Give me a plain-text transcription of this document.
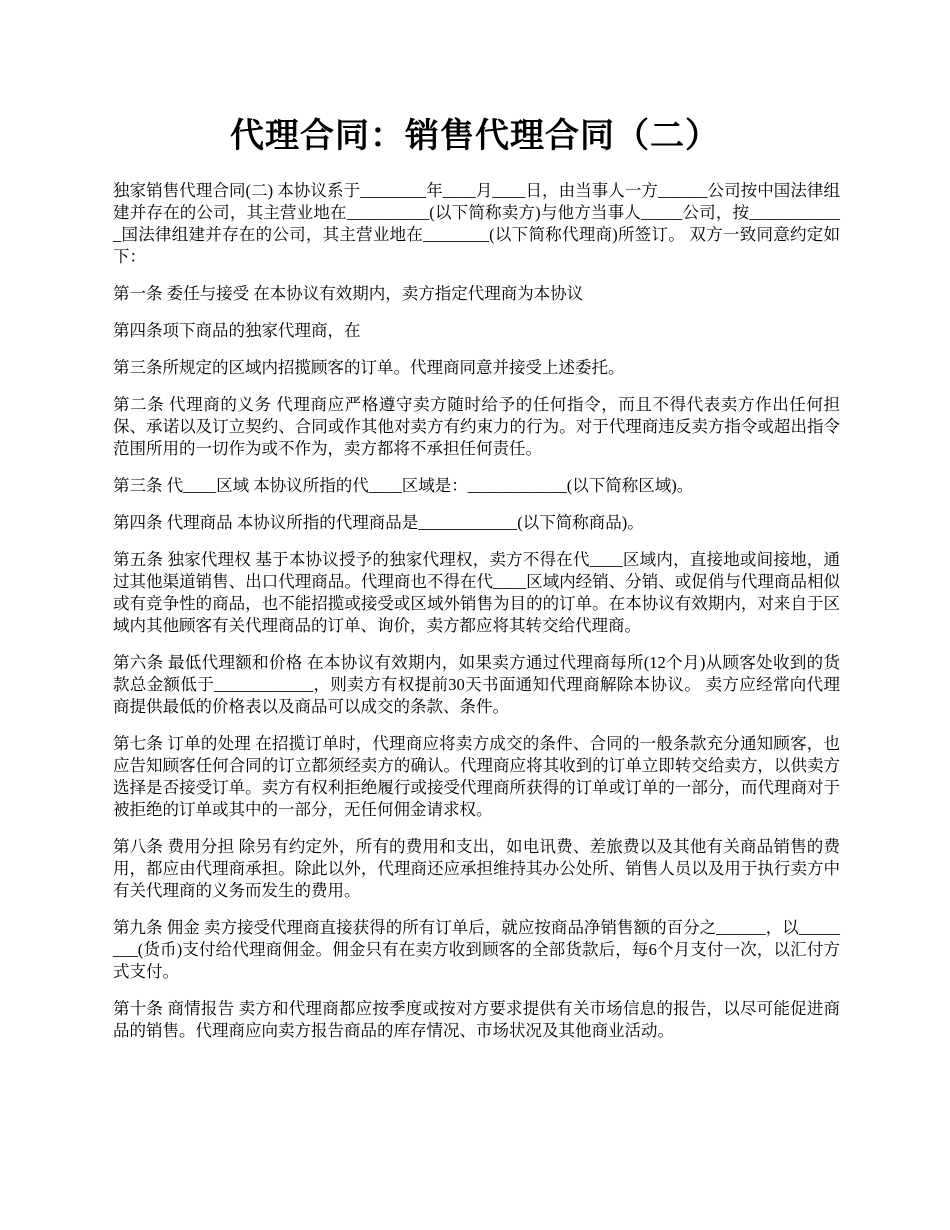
代理合同：销售代理合同（二）

独家销售代理合同(二) 本协议系于________年____月____日，由当事人一方______公司按中国法律组建并存在的公司，其主营业地在__________(以下简称卖方)与他方当事人_____公司，按____________国法律组建并存在的公司，其主营业地在________(以下简称代理商)所签订。 双方一致同意约定如下：

第一条 委任与接受 在本协议有效期内，卖方指定代理商为本协议

第四条项下商品的独家代理商，在

第三条所规定的区域内招揽顾客的订单。代理商同意并接受上述委托。

第二条 代理商的义务 代理商应严格遵守卖方随时给予的任何指令，而且不得代表卖方作出任何担保、承诺以及订立契约、合同或作其他对卖方有约束力的行为。对于代理商违反卖方指令或超出指令范围所用的一切作为或不作为，卖方都将不承担任何责任。

第三条 代____区域 本协议所指的代____区域是：____________(以下简称区域)。

第四条 代理商品 本协议所指的代理商品是____________(以下简称商品)。

第五条 独家代理权 基于本协议授予的独家代理权，卖方不得在代____区域内，直接地或间接地，通过其他渠道销售、出口代理商品。代理商也不得在代____区域内经销、分销、或促俏与代理商品相似或有竞争性的商品，也不能招揽或接受或区域外销售为目的的订单。在本协议有效期内，对来自于区域内其他顾客有关代理商品的订单、询价，卖方都应将其转交给代理商。

第六条 最低代理额和价格 在本协议有效期内，如果卖方通过代理商每所(12个月)从顾客处收到的货款总金额低于____________，则卖方有权提前30天书面通知代理商解除本协议。 卖方应经常向代理商提供最低的价格表以及商品可以成交的条款、条件。

第七条 订单的处理 在招揽订单时，代理商应将卖方成交的条件、合同的一般条款充分通知顾客，也应告知顾客任何合同的订立都须经卖方的确认。代理商应将其收到的订单立即转交给卖方，以供卖方选择是否接受订单。卖方有权利拒绝履行或接受代理商所获得的订单或订单的一部分，而代理商对于被拒绝的订单或其中的一部分，无任何佣金请求权。

第八条 费用分担 除另有约定外，所有的费用和支出，如电讯费、差旅费以及其他有关商品销售的费用，都应由代理商承担。除此以外，代理商还应承担维持其办公处所、销售人员以及用于执行卖方中有关代理商的义务而发生的费用。

第九条 佣金 卖方接受代理商直接获得的所有订单后，就应按商品净销售额的百分之______，以________(货币)支付给代理商佣金。佣金只有在卖方收到顾客的全部货款后，每6个月支付一次，以汇付方式支付。

第十条 商情报告 卖方和代理商都应按季度或按对方要求提供有关市场信息的报告，以尽可能促进商品的销售。代理商应向卖方报告商品的库存情况、市场状况及其他商业活动。
